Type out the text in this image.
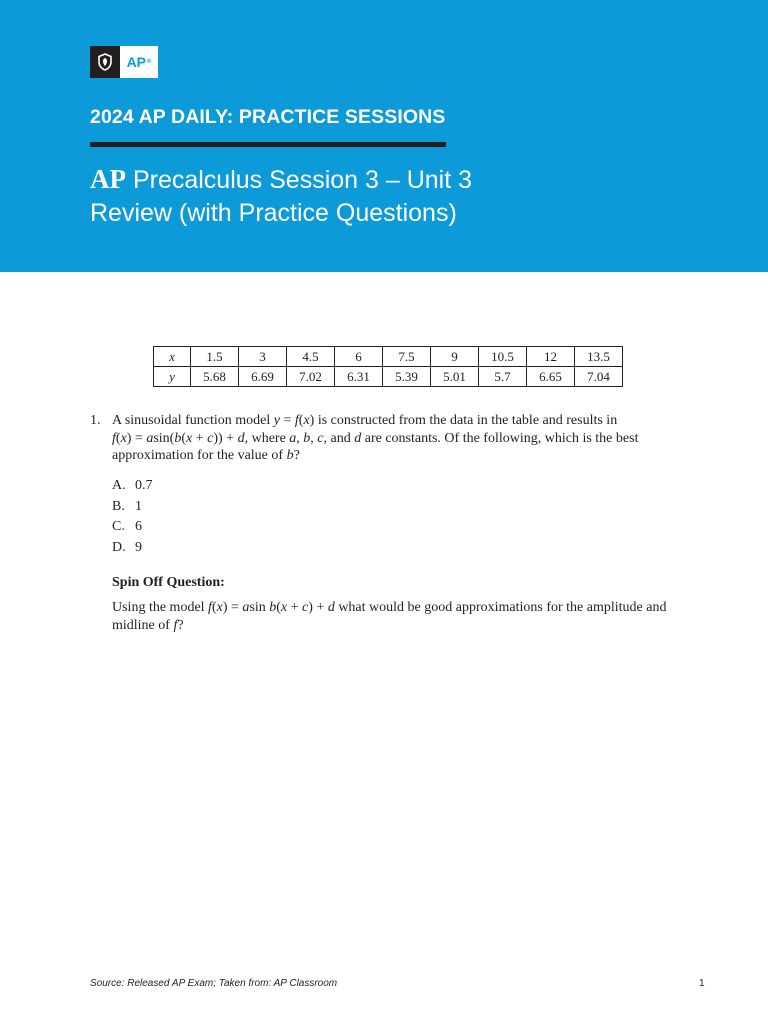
AP ®
2024 AP DAILY: PRACTICE SESSIONS
AP Precalculus Session 3 – Unit 3
Review (with Practice Questions)
x	1.5	3	4.5	6	7.5	9	10.5	12	13.5
y	5.68	6.69	7.02	6.31	5.39	5.01	5.7	6.65	7.04
1. A sinusoidal function model y = f(x) is constructed from the data in the table and results in
f(x) = asin(b(x + c)) + d, where a, b, c, and d are constants. Of the following, which is the best approximation for the value of b?
A. 0.7
B. 1
C. 6
D. 9
Spin Off Question:
Using the model f(x) = asin b(x + c) + d what would be good approximations for the amplitude and midline of f?
Source: Released AP Exam; Taken from: AP Classroom	1
